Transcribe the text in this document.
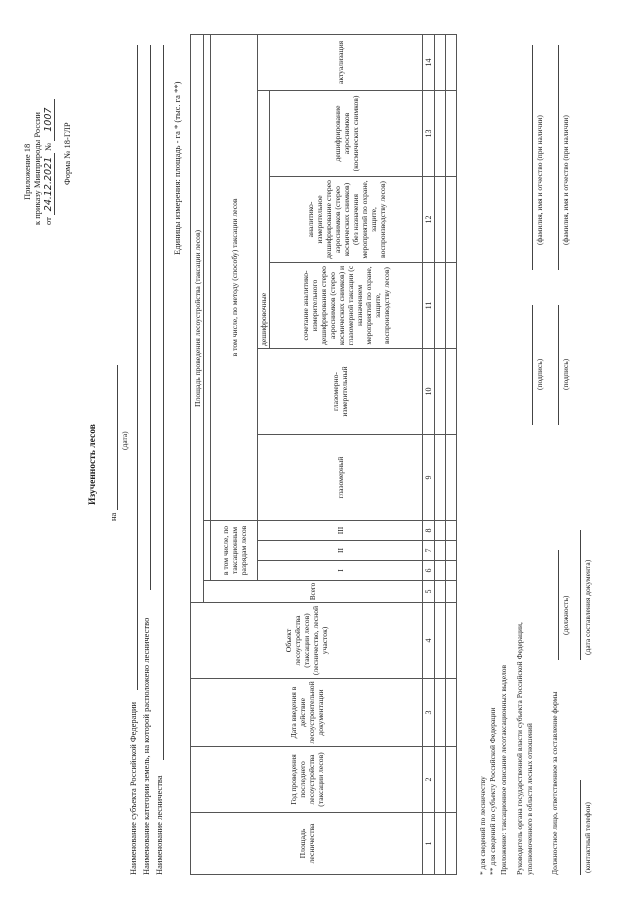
Приложение 18 к приказу Минприроды России от 24.12.2021 № 1007
Форма № 18-ГЛР
Изученность лесов
на
(дата)
Наименование субъекта Российской Федерации Наименование категории земель, на которой расположено лесничество Наименование лесничества
Единицы измерения: площадь - га * (тыс. га **)
Площадь лесничества	Год проведения последнего лесоустройства (таксации лесов)	Дата введения в действие лесоустроительной документации	Объект лесоустройства (таксации лесов) (лесничество, лесной участок)	Площадь проведения лесоустройства (таксации лесов)									
				Всего									
					в том числе, по таксационным разрядам лесов			в том числе, по методу (способу) таксации лесов					
					I	II	III	глазомерный	глазомерно-измерительный	дешифровочные			актуализация
										сочетание аналитико-измерительного дешифрирования стерео аэроснимков (стерео космических снимков) и глазомерной таксации (с назначением мероприятий по охране, защите, воспроизводству лесов)	аналитико-измерительное дешифрирование стерео аэроснимков (стерео космических снимков) (без назначения мероприятий по охране, защите, воспроизводству лесов)	дешифрирование аэроснимков (космических снимков)	
1	2	3	4	5	6	7	8	9	10	11	12	13	14

* для сведений по лесничеству ** для сведений по субъекту Российской Федерации Приложение: таксационное описание лесотаксационных выделов Руководитель органа государственной власти субъекта Российской Федерации, уполномоченного в области лесных отношений
(подпись)
(фамилия, имя и отчество (при наличии)
Должностное лицо, ответственное за составление формы
(должность)
(подпись)
(фамилия, имя и отчество (при наличии)
(контактный телефон)
(дата составления документа)
